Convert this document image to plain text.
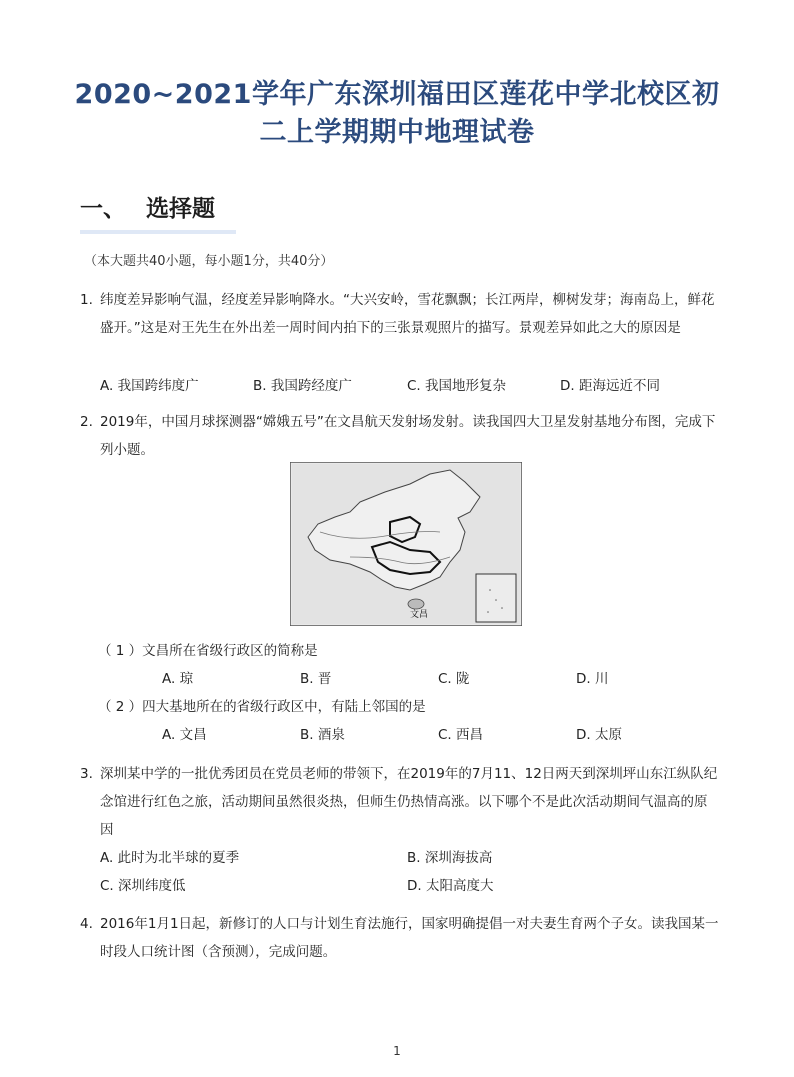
2020~2021学年广东深圳福田区莲花中学北校区初
二上学期期中地理试卷
一、 选择题
（本大题共40小题，每小题1分，共40分）
1. 纬度差异影响气温，经度差异影响降水。“大兴安岭，雪花飘飘；长江两岸，柳树发芽；海南岛上，鲜花盛开。”这是对王先生在外出差一周时间内拍下的三张景观照片的描写。景观差异如此之大的原因是
A. 我国跨纬度广	B. 我国跨经度广	C. 我国地形复杂	D. 距海远近不同
2. 2019年，中国月球探测器“嫦娥五号”在文昌航天发射场发射。读我国四大卫星发射基地分布图，完成下列小题。
文昌
（ 1 ）文昌所在省级行政区的简称是
A. 琼	B. 晋	C. 陇	D. 川
（ 2 ）四大基地所在的省级行政区中，有陆上邻国的是
A. 文昌	B. 酒泉	C. 西昌	D. 太原
3. 深圳某中学的一批优秀团员在党员老师的带领下，在2019年的7月11、12日两天到深圳坪山东江纵队纪念馆进行红色之旅，活动期间虽然很炎热，但师生仍热情高涨。以下哪个不是此次活动期间气温高的原因
A. 此时为北半球的夏季	B. 深圳海拔高
C. 深圳纬度低	D. 太阳高度大
4. 2016年1月1日起，新修订的人口与计划生育法施行，国家明确提倡一对夫妻生育两个子女。读我国某一时段人口统计图（含预测），完成问题。
1
